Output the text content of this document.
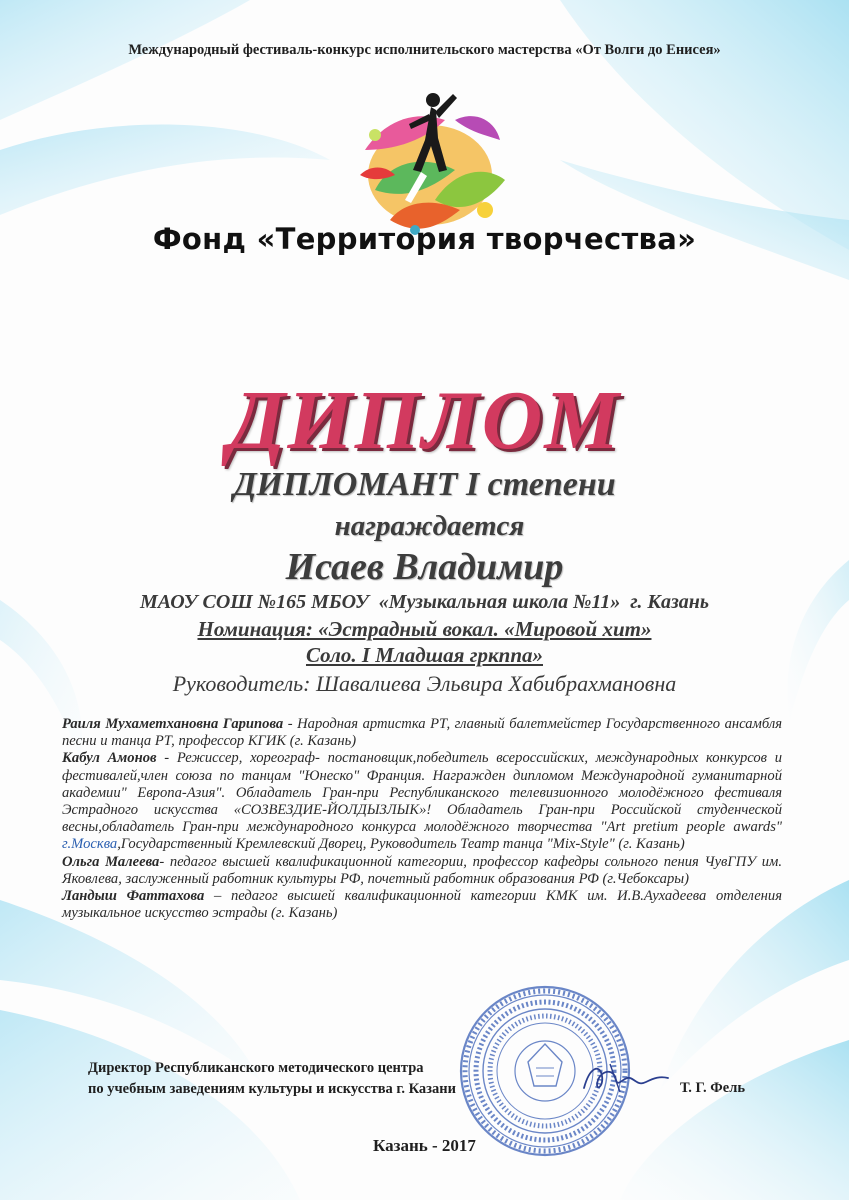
Международный фестиваль-конкурс исполнительского мастерства «От Волги до Енисея»
Фонд «Территория творчества»
ДИПЛОМ
ДИПЛОМАНТ I степени
награждается
Исаев Владимир
МАОУ СОШ №165 МБОУ  «Музыкальная школа №11»  г. Казань
Номинация: «Эстрадный вокал. «Мировой хит»
Соло. I Младшая гркппа»
Руководитель: Шавалиева Эльвира Хабибрахмановна

Раиля Мухаметхановна Гарипова - Народная артистка РТ, главный балетмейстер Государственного ансамбля песни и танца РТ, профессор КГИК (г. Казань)

Кабул Амонов - Режиссер, хореограф- постановщик,победитель всероссийских, международных конкурсов и фестивалей,член союза по танцам "Юнеско" Франция. Награжден дипломом Международной гуманитарной академии" Европа-Азия". Обладатель Гран-при Республиканского телевизионного молодёжного фестиваля Эстрадного искусства «СОЗВЕЗДИЕ-ЙОЛДЫЗЛЫК»! Обладатель Гран-при Российской студенческой весны,обладатель Гран-при международного конкурса молодёжного творчества "Art pretium people awards" г.Москва,Государственный Кремлевский Дворец, Руководитель Театр танца "Mix-Style" (г. Казань)

Ольга Малеева- педагог высшей квалификационной категории, профессор кафедры сольного пения ЧувГПУ им. Яковлева, заслуженный работник культуры РФ, почетный работник образования РФ (г.Чебоксары)

Ландыш Фаттахова – педагог высшей квалификационной категории КМК им. И.В.Аухадеева отделения музыкальное искусство эстрады (г. Казань)

Директор Республиканского методического центра
по учебным заведениям культуры и искусства г. Казани	Т. Г. Фель
Казань - 2017
